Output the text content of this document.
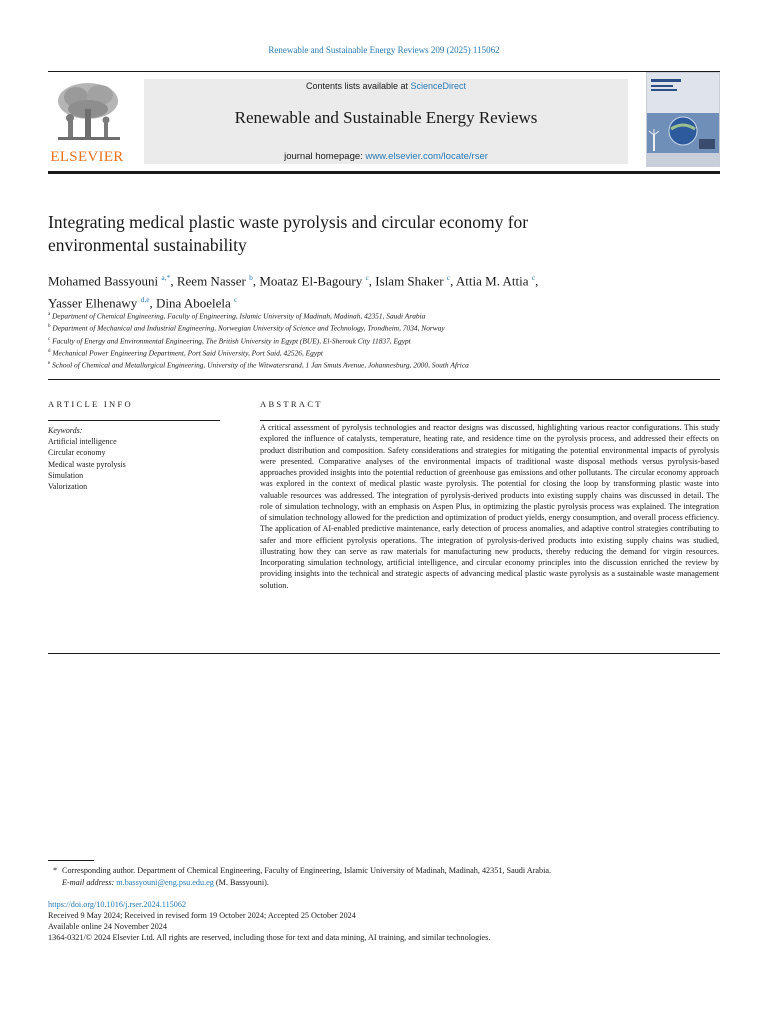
Renewable and Sustainable Energy Reviews 209 (2025) 115062
ELSEVIER
Contents lists available at ScienceDirect
Renewable and Sustainable Energy Reviews
journal homepage: www.elsevier.com/locate/rser
Integrating medical plastic waste pyrolysis and circular economy for
environmental sustainability
Mohamed Bassyouni $^{a,*}$, Reem Nasser $^b$, Moataz El-Bagoury $^c$, Islam Shaker $^c$, Attia M. Attia $^c$,
Yasser Elhenawy $^{d,e}$, Dina Aboelela $^c$
$^a$ Department of Chemical Engineering, Faculty of Engineering, Islamic University of Madinah, Madinah, 42351, Saudi Arabia
$^b$ Department of Mechanical and Industrial Engineering, Norwegian University of Science and Technology, Trondheim, 7034, Norway
$^c$ Faculty of Energy and Environmental Engineering, The British University in Egypt (BUE), El-Sherouk City 11837, Egypt
$^d$ Mechanical Power Engineering Department, Port Said University, Port Said, 42526, Egypt
$^e$ School of Chemical and Metallurgical Engineering, University of the Witwatersrand, 1 Jan Smuts Avenue, Johannesburg, 2000, South Africa
ARTICLE INFO
Keywords:
Artificial intelligence
Circular economy
Medical waste pyrolysis
Simulation
Valorization
ABSTRACT
A critical assessment of pyrolysis technologies and reactor designs was discussed, highlighting various reactor configurations. This study explored the influence of catalysts, temperature, heating rate, and residence time on the pyrolysis process, and addressed their effects on product distribution and composition. Safety considerations and strategies for mitigating the potential environmental impacts of pyrolysis were presented. Comparative analyses of the environmental impacts of traditional waste disposal methods versus pyrolysis-based approaches provided insights into the potential reduction of greenhouse gas emissions and other pollutants. The circular economy approach was explored in the context of medical plastic waste pyrolysis. The potential for closing the loop by transforming plastic waste into valuable resources was addressed. The integration of pyrolysis-derived products into existing supply chains was discussed in detail. The role of simulation technology, with an emphasis on Aspen Plus, in optimizing the plastic pyrolysis process was explained. The integration of simulation technology allowed for the prediction and optimization of product yields, energy consumption, and overall process efficiency. The application of AI-enabled predictive maintenance, early detection of process anomalies, and adaptive control strategies contributing to safer and more efficient pyrolysis operations. The integration of pyrolysis-derived products into existing supply chains was studied, illustrating how they can serve as raw materials for manufacturing new products, thereby reducing the demand for virgin resources. Incorporating simulation technology, artificial intelligence, and circular economy principles into the discussion enriched the review by providing insights into the technical and strategic aspects of advancing medical plastic waste pyrolysis as a sustainable waste management solution.
* Corresponding author. Department of Chemical Engineering, Faculty of Engineering, Islamic University of Madinah, Madinah, 42351, Saudi Arabia.
E-mail address: m.bassyouni@eng.psu.edu.eg (M. Bassyouni).
https://doi.org/10.1016/j.rser.2024.115062
Received 9 May 2024; Received in revised form 19 October 2024; Accepted 25 October 2024
Available online 24 November 2024
1364-0321/© 2024 Elsevier Ltd. All rights are reserved, including those for text and data mining, AI training, and similar technologies.
